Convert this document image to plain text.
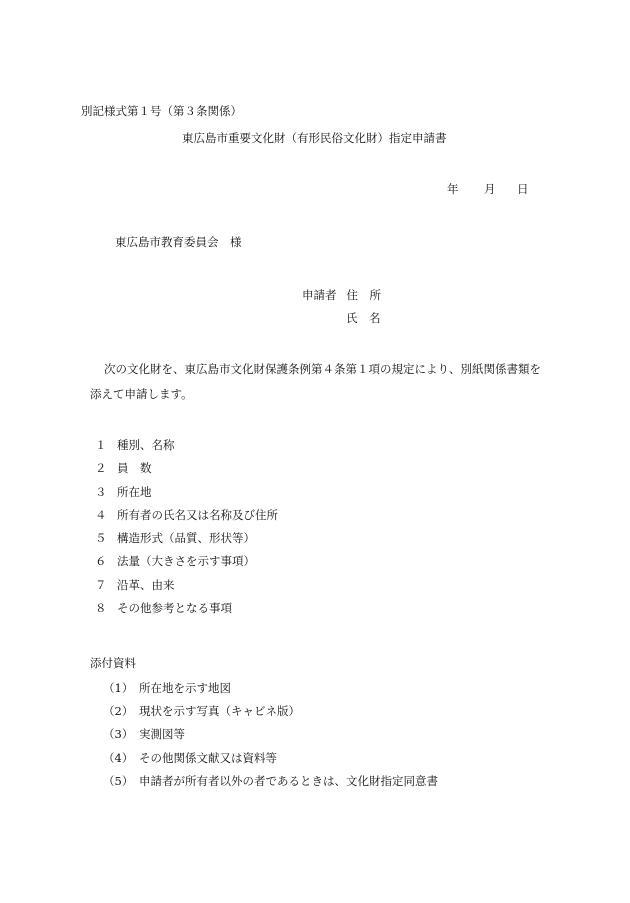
別記様式第１号（第３条関係）
東広島市重要文化財（有形民俗文化財）指定申請書
年 月 日
東広島市教育委員会　様
申請者 住　所
氏　名
次の文化財を、東広島市文化財保護条例第４条第１項の規定により、別紙関係書類を
添えて申請します。
１ 種別、名称
２ 員　数
３ 所在地
４ 所有者の氏名又は名称及び住所
５ 構造形式（品質、形状等）
６ 法量（大きさを示す事項）
７ 沿革、由来
８ その他参考となる事項
添付資料
（1） 所在地を示す地図
（2） 現状を示す写真（キャビネ版）
（3） 実測図等
（4） その他関係文献又は資料等
（5） 申請者が所有者以外の者であるときは、文化財指定同意書
